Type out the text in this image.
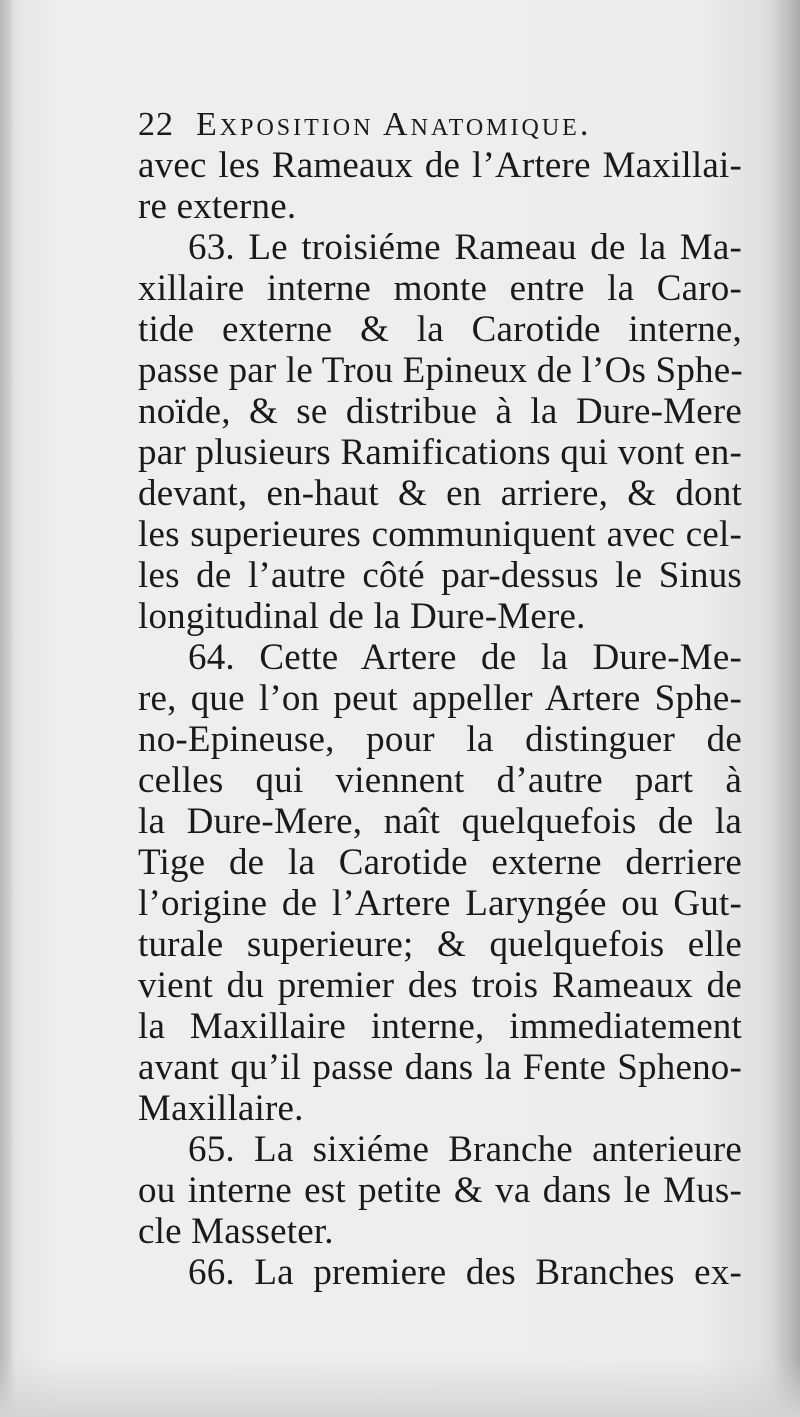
22 Exposition Anatomique.
avec les Rameaux de l’Artere Maxillai-
re externe.
63. Le troisiéme Rameau de la Ma-
xillaire interne monte entre la Caro-
tide externe & la Carotide interne,
passe par le Trou Epineux de l’Os Sphe-
noïde, & se distribue à la Dure-Mere
par plusieurs Ramifications qui vont en-
devant, en-haut & en arriere, & dont
les superieures communiquent avec cel-
les de l’autre côté par-dessus le Sinus
longitudinal de la Dure-Mere.
64. Cette Artere de la Dure-Me-
re, que l’on peut appeller Artere Sphe-
no-Epineuse, pour la distinguer de
celles qui viennent d’autre part à
la Dure-Mere, naît quelquefois de la
Tige de la Carotide externe derriere
l’origine de l’Artere Laryngée ou Gut-
turale superieure; & quelquefois elle
vient du premier des trois Rameaux de
la Maxillaire interne, immediatement
avant qu’il passe dans la Fente Spheno-
Maxillaire.
65. La sixiéme Branche anterieure
ou interne est petite & va dans le Mus-
cle Masseter.
66. La premiere des Branches ex-
